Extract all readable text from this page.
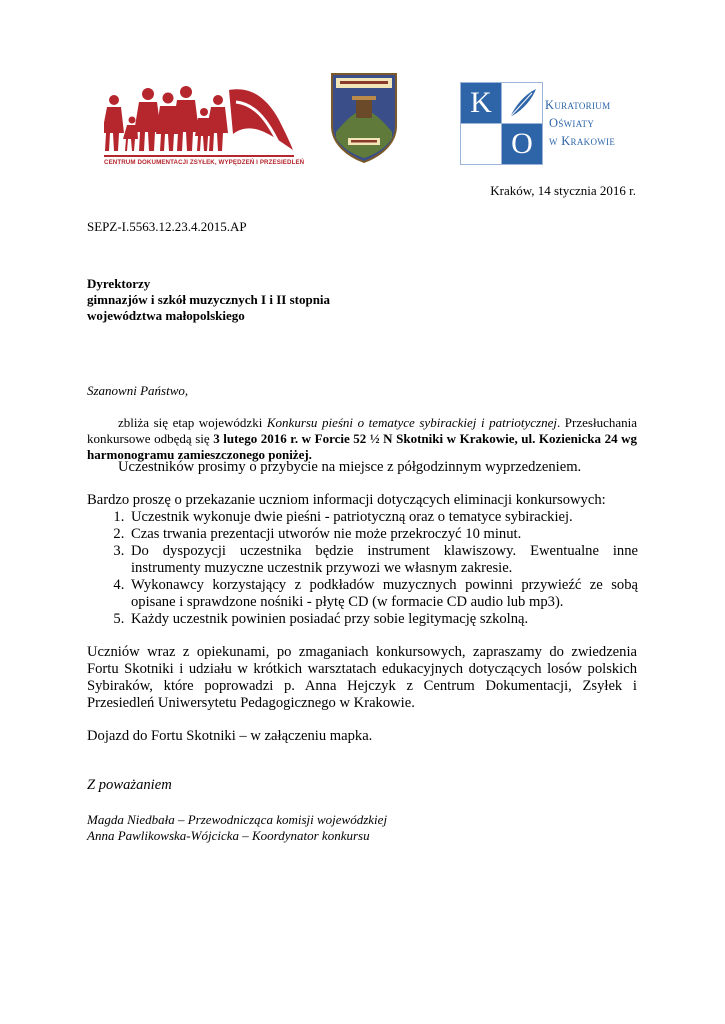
CENTRUM DOKUMENTACJI ZSYŁEK, WYPĘDZEŃ I PRZESIEDLEŃ
K
O
Kuratorium
Oświaty
w Krakowie
Kraków, 14 stycznia 2016 r.
SEPZ-I.5563.12.23.4.2015.AP
Dyrektorzy
gimnazjów i szkół muzycznych I i II stopnia
województwa małopolskiego
Szanowni Państwo,
zbliża się etap wojewódzki Konkursu pieśni o tematyce sybirackiej i patriotycznej. Przesłuchania konkursowe odbędą się 3 lutego 2016 r. w Forcie 52 ½ N Skotniki w Krakowie, ul. Kozienicka 24 wg harmonogramu zamieszczonego poniżej.
Uczestników prosimy o przybycie na miejsce z półgodzinnym wyprzedzeniem.
Bardzo proszę o przekazanie uczniom informacji dotyczących eliminacji konkursowych:
1. Uczestnik wykonuje dwie pieśni - patriotyczną oraz o tematyce sybirackiej.
2. Czas trwania prezentacji utworów nie może przekroczyć 10 minut.
3. Do dyspozycji uczestnika będzie instrument klawiszowy. Ewentualne inne instrumenty muzyczne uczestnik przywozi we własnym zakresie.
4. Wykonawcy korzystający z podkładów muzycznych powinni przywieźć ze sobą opisane i sprawdzone nośniki - płytę CD (w formacie CD audio lub mp3).
5. Każdy uczestnik powinien posiadać przy sobie legitymację szkolną.
Uczniów wraz z opiekunami, po zmaganiach konkursowych, zapraszamy do zwiedzenia Fortu Skotniki i udziału w krótkich warsztatach edukacyjnych dotyczących losów polskich Sybiraków, które poprowadzi p. Anna Hejczyk z Centrum Dokumentacji, Zsyłek i Przesiedleń Uniwersytetu Pedagogicznego w Krakowie.
Dojazd do Fortu Skotniki – w załączeniu mapka.
Z poważaniem
Magda Niedbała – Przewodnicząca komisji wojewódzkiej
Anna Pawlikowska-Wójcicka – Koordynator konkursu
